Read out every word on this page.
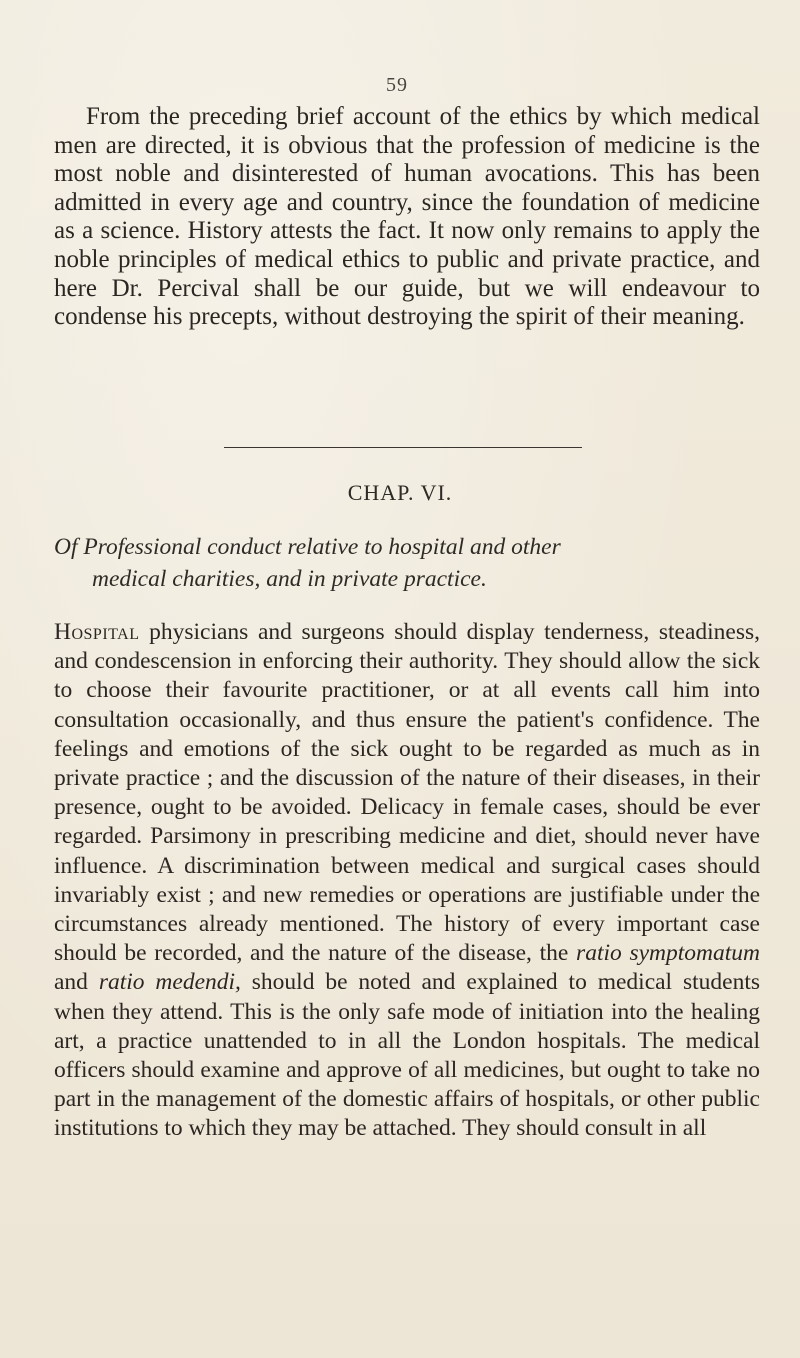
59

From the preceding brief account of the ethics by which medical men are directed, it is obvious that the profession of medicine is the most noble and disinterested of human avocations. This has been admitted in every age and country, since the foundation of medicine as a science. History attests the fact. It now only remains to apply the noble principles of medical ethics to public and private practice, and here Dr. Percival shall be our guide, but we will endeavour to condense his precepts, without destroying the spirit of their meaning.

CHAP. VI.
Of Professional conduct relative to hospital and other
medical charities, and in private practice.

Hospital physicians and surgeons should display tenderness, steadiness, and condescension in enforcing their authority. They should allow the sick to choose their favourite practitioner, or at all events call him into consultation occasionally, and thus ensure the patient's confidence. The feelings and emotions of the sick ought to be regarded as much as in private practice ; and the discussion of the nature of their diseases, in their presence, ought to be avoided. Delicacy in female cases, should be ever regarded. Parsimony in prescribing medicine and diet, should never have influence. A discrimination between medical and surgical cases should invariably exist ; and new remedies or operations are justifiable under the circumstances already mentioned. The history of every important case should be recorded, and the nature of the disease, the ratio symptomatum and ratio medendi, should be noted and explained to medical students when they attend. This is the only safe mode of initiation into the healing art, a practice unattended to in all the London hospitals. The medical officers should examine and approve of all medicines, but ought to take no part in the management of the domestic affairs of hospitals, or other public institutions to which they may be attached. They should consult in all
